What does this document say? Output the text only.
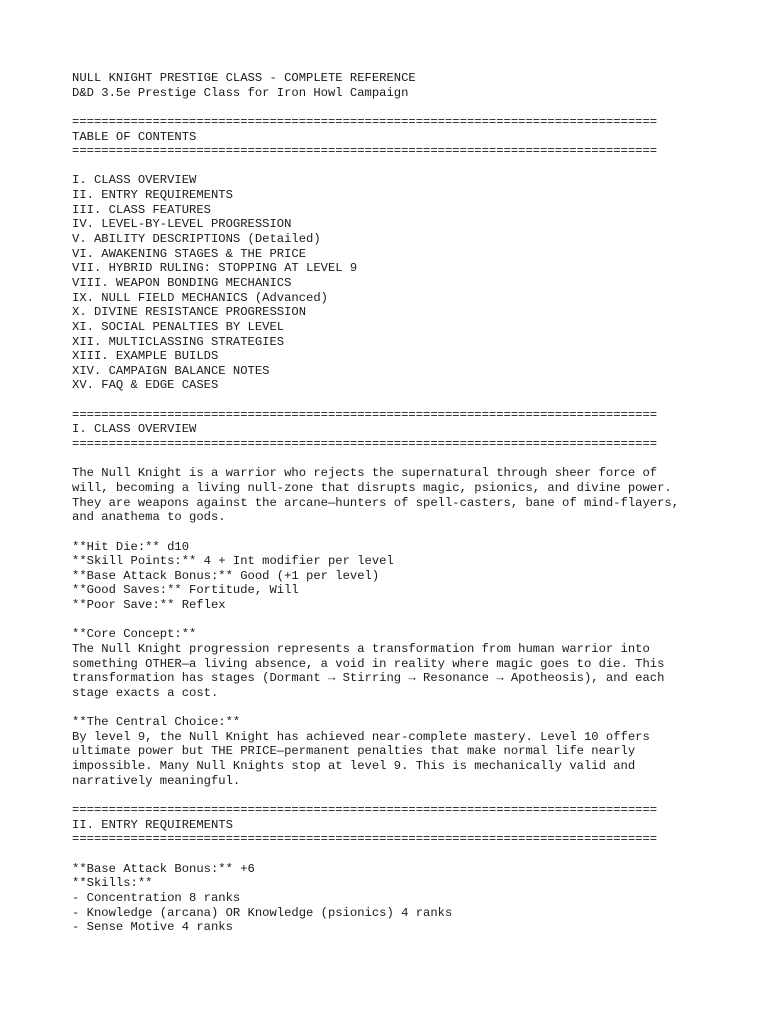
NULL KNIGHT PRESTIGE CLASS - COMPLETE REFERENCE
D&D 3.5e Prestige Class for Iron Howl Campaign
================================================================================
TABLE OF CONTENTS
================================================================================
I. CLASS OVERVIEW
II. ENTRY REQUIREMENTS
III. CLASS FEATURES
IV. LEVEL-BY-LEVEL PROGRESSION
V. ABILITY DESCRIPTIONS (Detailed)
VI. AWAKENING STAGES & THE PRICE
VII. HYBRID RULING: STOPPING AT LEVEL 9
VIII. WEAPON BONDING MECHANICS
IX. NULL FIELD MECHANICS (Advanced)
X. DIVINE RESISTANCE PROGRESSION
XI. SOCIAL PENALTIES BY LEVEL
XII. MULTICLASSING STRATEGIES
XIII. EXAMPLE BUILDS
XIV. CAMPAIGN BALANCE NOTES
XV. FAQ & EDGE CASES
================================================================================
I. CLASS OVERVIEW
================================================================================
The Null Knight is a warrior who rejects the supernatural through sheer force of
will, becoming a living null-zone that disrupts magic, psionics, and divine power.
They are weapons against the arcane—hunters of spell-casters, bane of mind-flayers,
and anathema to gods.
**Hit Die:** d10
**Skill Points:** 4 + Int modifier per level
**Base Attack Bonus:** Good (+1 per level)
**Good Saves:** Fortitude, Will
**Poor Save:** Reflex
**Core Concept:**
The Null Knight progression represents a transformation from human warrior into
something OTHER—a living absence, a void in reality where magic goes to die. This
transformation has stages (Dormant → Stirring → Resonance → Apotheosis), and each
stage exacts a cost.
**The Central Choice:**
By level 9, the Null Knight has achieved near-complete mastery. Level 10 offers
ultimate power but THE PRICE—permanent penalties that make normal life nearly
impossible. Many Null Knights stop at level 9. This is mechanically valid and
narratively meaningful.
================================================================================
II. ENTRY REQUIREMENTS
================================================================================
**Base Attack Bonus:** +6
**Skills:**
- Concentration 8 ranks
- Knowledge (arcana) OR Knowledge (psionics) 4 ranks
- Sense Motive 4 ranks
